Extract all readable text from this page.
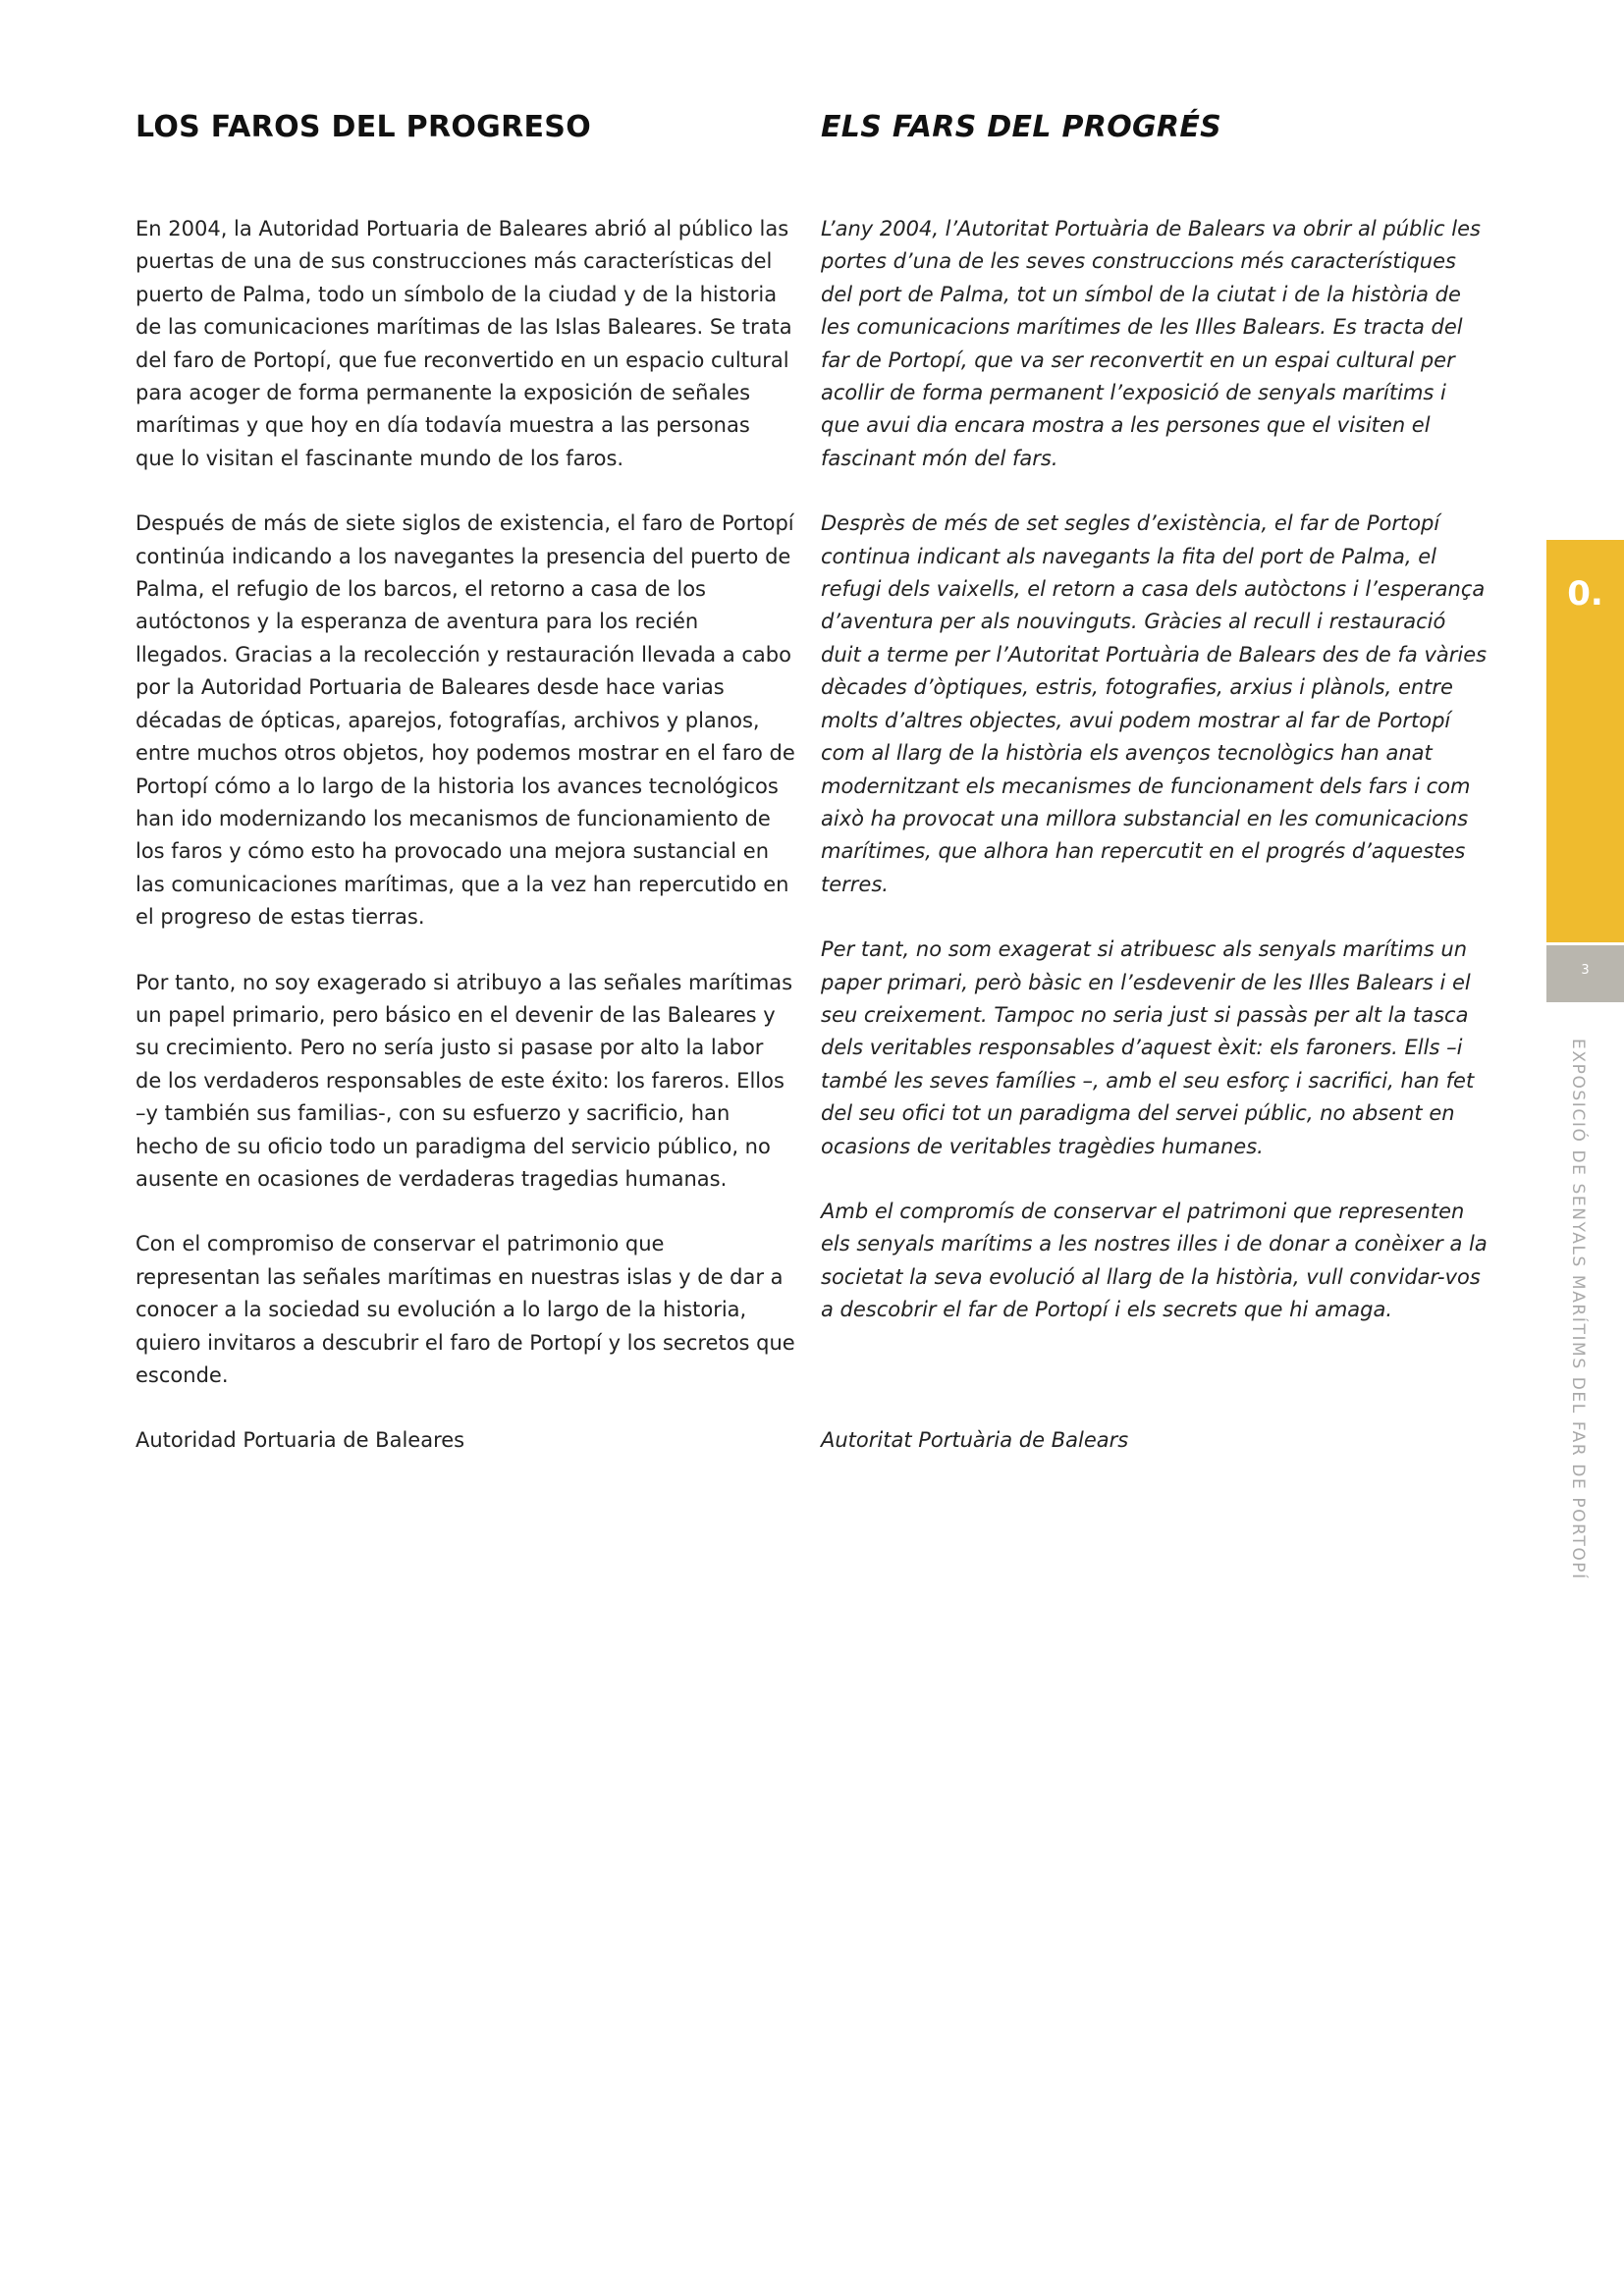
LOS FAROS DEL PROGRESO

En 2004, la Autoridad Portuaria de Baleares abrió al público las puertas de una de sus construcciones más características del puerto de Palma, todo un símbolo de la ciudad y de la historia de las comunicaciones marítimas de las Islas Baleares. Se trata del faro de Portopí, que fue reconvertido en un espacio cultural para acoger de forma permanente la exposición de señales marítimas y que hoy en día todavía muestra a las personas que lo visitan el fascinante mundo de los faros.

Después de más de siete siglos de existencia, el faro de Portopí continúa indicando a los navegantes la presencia del puerto de Palma, el refugio de los barcos, el retorno a casa de los autóctonos y la esperanza de aventura para los recién llegados. Gracias a la recolección y restauración llevada a cabo por la Autoridad Portuaria de Baleares desde hace varias décadas de ópticas, aparejos, fotografías, archivos y planos, entre muchos otros objetos, hoy podemos mostrar en el faro de Portopí cómo a lo largo de la historia los avances tecnológicos han ido modernizando los mecanismos de funcionamiento de los faros y cómo esto ha provocado una mejora sustancial en las comunicaciones marítimas, que a la vez han repercutido en el progreso de estas tierras.

Por tanto, no soy exagerado si atribuyo a las señales marítimas un papel primario, pero básico en el devenir de las Baleares y su crecimiento. Pero no sería justo si pasase por alto la labor de los verdaderos responsables de este éxito: los fareros. Ellos –y también sus familias-, con su esfuerzo y sacrificio, han hecho de su oficio todo un paradigma del servicio público, no ausente en ocasiones de verdaderas tragedias humanas.

Con el compromiso de conservar el patrimonio que representan las señales marítimas en nuestras islas y de dar a conocer a la sociedad su evolución a lo largo de la historia, quiero invitaros a descubrir el faro de Portopí y los secretos que esconde.

Autoridad Portuaria de Baleares

ELS FARS DEL PROGRÉS

L’any 2004, l’Autoritat Portuària de Balears va obrir al públic les portes d’una de les seves construccions més característiques del port de Palma, tot un símbol de la ciutat i de la història de les comunicacions marítimes de les Illes Balears. Es tracta del far de Portopí, que va ser reconvertit en un espai cultural per acollir de forma permanent l’exposició de senyals marítims i que avui dia encara mostra a les persones que el visiten el fascinant món del fars.

Desprès de més de set segles d’existència, el far de Portopí continua indicant als navegants la fita del port de Palma, el refugi dels vaixells, el retorn a casa dels autòctons i l’esperança d’aventura per als nouvinguts. Gràcies al recull i restauració duit a terme per l’Autoritat Portuària de Balears des de fa vàries dècades d’òptiques, estris, fotografies, arxius i plànols, entre molts d’altres objectes, avui podem mostrar al far de Portopí com al llarg de la història els avenços tecnològics han anat modernitzant els mecanismes de funcionament dels fars i com això ha provocat una millora substancial en les comunicacions marítimes, que alhora han repercutit en el progrés d’aquestes terres.

Per tant, no som exagerat si atribuesc als senyals marítims un paper primari, però bàsic en l’esdevenir de les Illes Balears i el seu creixement. Tampoc no seria just si passàs per alt la tasca dels veritables responsables d’aquest èxit: els faroners. Ells –i també les seves famílies –, amb el seu esforç i sacrifici, han fet del seu ofici tot un paradigma del servei públic, no absent en ocasions de veritables tragèdies humanes.

Amb el compromís de conservar el patrimoni que representen els senyals marítims a les nostres illes i de donar a conèixer a la societat la seva evolució al llarg de la història, vull convidar-vos a descobrir el far de Portopí i els secrets que hi amaga.

Autoritat Portuària de Balears

0.
3
EXPOSICIÓ DE SENYALS MARÍTIMS DEL FAR DE PORTOPÍ
